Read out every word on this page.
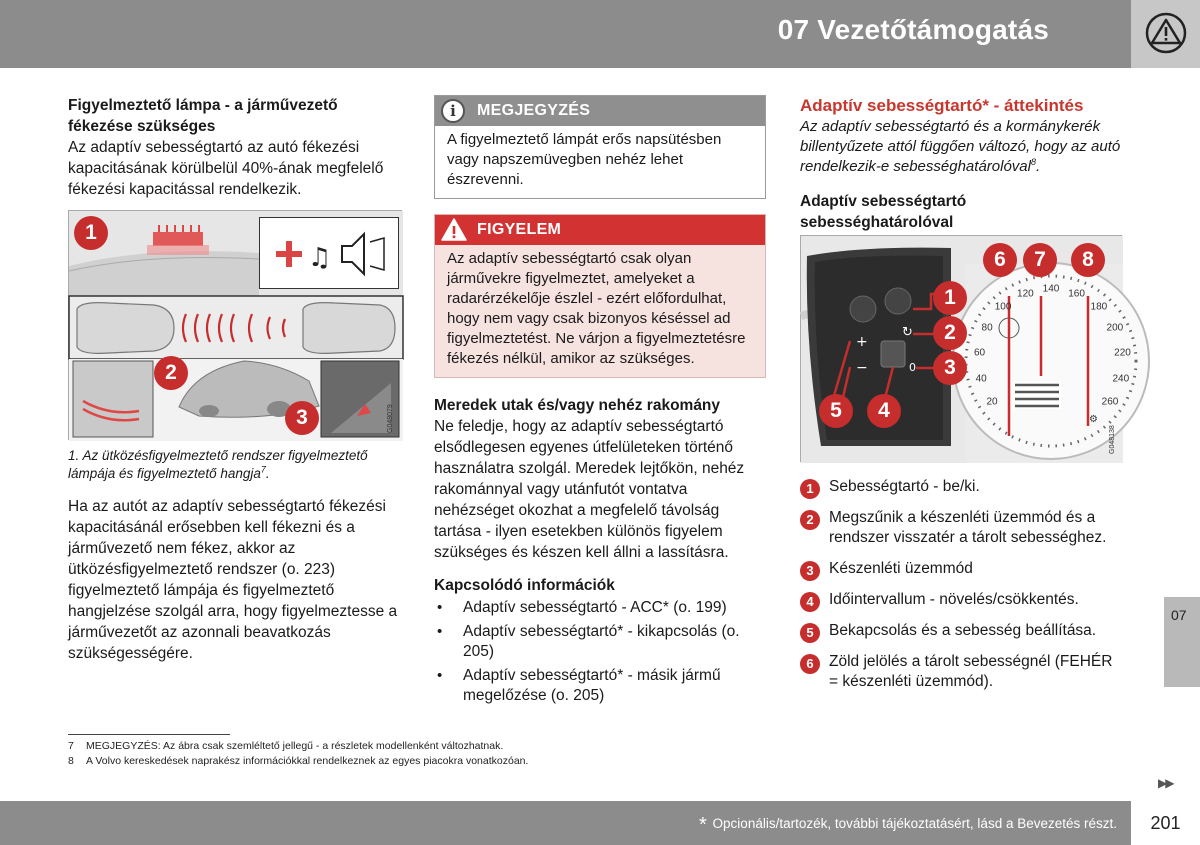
07 Vezetőtámogatás
Figyelmeztető lámpa - a járművezető fékezése szükséges

Az adaptív sebességtartó az autó fékezési kapacitásának körülbelül 40%-ának megfelelő fékezési kapacitással rendelkezik.

♫
1
2
3	G048079
1. Az ütközésfigyelmeztető rendszer figyelmeztető lámpája és figyelmeztető hangja$^7$.

Ha az autót az adaptív sebességtartó fékezési kapacitásánál erősebben kell fékezni és a járművezető nem fékez, akkor az ütközésfigyelmeztető rendszer (o. 223) figyelmeztető lámpája és figyelmeztető hangjelzése szolgál arra, hogy figyelmeztesse a járművezetőt az azonnali beavatkozás szükségességére.

i	MEGJEGYZÉS
A figyelmeztető lámpát erős napsütésben vagy napszemüvegben nehéz lehet észrevenni.
FIGYELEM
Az adaptív sebességtartó csak olyan járművekre figyelmeztet, amelyeket a radarérzékelője észlel - ezért előfordulhat, hogy nem vagy csak bizonyos késéssel ad figyelmeztetést. Ne várjon a figyelmeztetésre fékezés nélkül, amikor az szükséges.
Meredek utak és/vagy nehéz rakomány

Ne feledje, hogy az adaptív sebességtartó elsődlegesen egyenes útfelületeken történő használatra szolgál. Meredek lejtőkön, nehéz rakománnyal vagy utánfutót vontatva nehézséget okozhat a megfelelő távolság tartása - ilyen esetekben különös figyelem szükséges és készen kell állni a lassításra.

Kapcsolódó információk
• Adaptív sebességtartó - ACC* (o. 199)
• Adaptív sebességtartó* - kikapcsolás (o. 205)
• Adaptív sebességtartó* - másik jármű megelőzése (o. 205)
Adaptív sebességtartó* - áttekintés
Az adaptív sebességtartó és a kormánykerék billentyűzete attól függően változó, hogy az autó rendelkezik-e sebességhatárolóval$^8$.
Adaptív sebességtartó sebességhatárolóval
+
−	0
↻
⚙
20
40
60
80
100
120 140 160
180
200
220
240
260
6	7	8
1
2
3
5	4
G048138
1 Sebességtartó - be/ki.
2 Megszűnik a készenléti üzemmód és a rendszer visszatér a tárolt sebességhez.
3 Készenléti üzemmód
4 Időintervallum - növelés/csökkentés.
5 Bekapcsolás és a sebesség beállítása.
6 Zöld jelölés a tárolt sebességnél (FEHÉR = készenléti üzemmód).
07
7 MEGJEGYZÉS: Az ábra csak szemléltető jellegű - a részletek modellenként változhatnak.
8 A Volvo kereskedések naprakész információkkal rendelkeznek az egyes piacokra vonatkozóan.
▶▶
* Opcionális/tartozék, további tájékoztatásért, lásd a Bevezetés részt.	201
